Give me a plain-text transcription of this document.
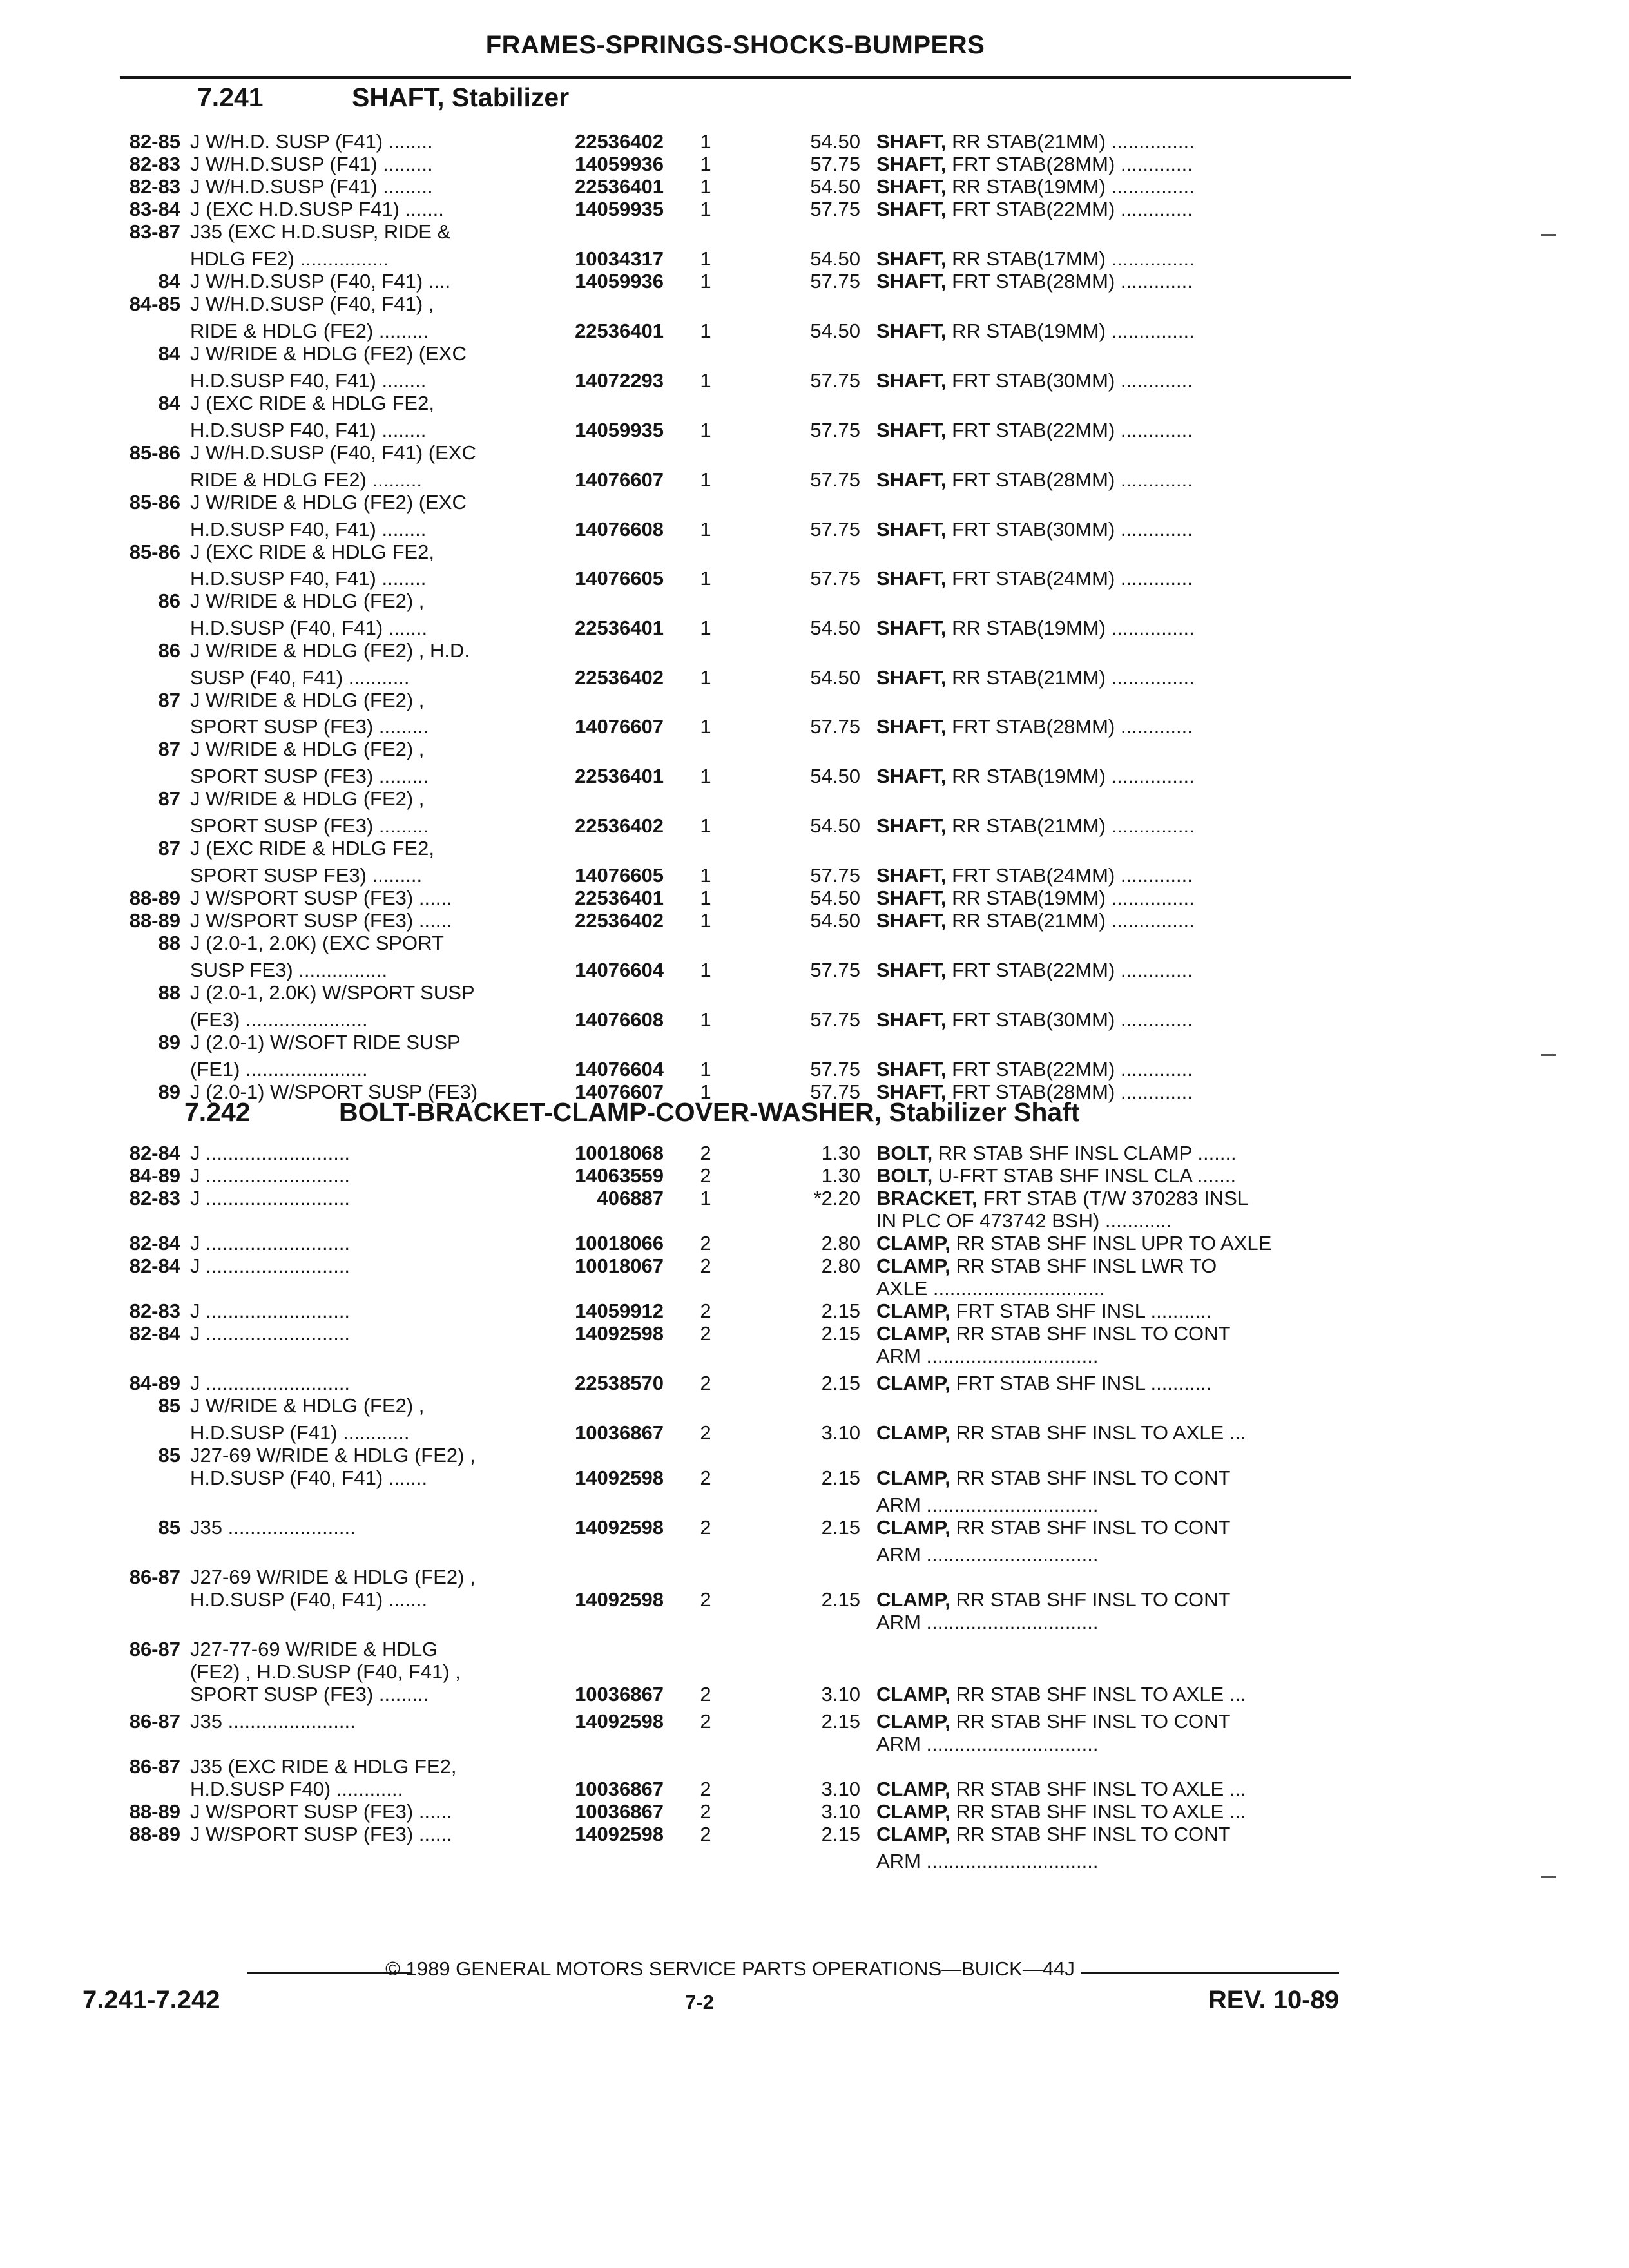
FRAMES-SPRINGS-SHOCKS-BUMPERS
7.241	SHAFT, Stabilizer
82-85 J W/H.D. SUSP (F41) ........	22536402 1	54.50 SHAFT, RR STAB(21MM) ...............
82-83 J W/H.D.SUSP (F41) .........	14059936 1	57.75 SHAFT, FRT STAB(28MM) .............
82-83 J W/H.D.SUSP (F41) .........	22536401 1	54.50 SHAFT, RR STAB(19MM) ...............
83-84 J (EXC H.D.SUSP F41) .......	14059935 1	57.75 SHAFT, FRT STAB(22MM) .............
83-87 J35 (EXC H.D.SUSP, RIDE &
HDLG FE2) ................	10034317 1	54.50 SHAFT, RR STAB(17MM) ...............
84 J W/H.D.SUSP (F40, F41) ....	14059936 1	57.75 SHAFT, FRT STAB(28MM) .............
84-85 J W/H.D.SUSP (F40, F41) ,
RIDE & HDLG (FE2) .........	22536401 1	54.50 SHAFT, RR STAB(19MM) ...............
84 J W/RIDE & HDLG (FE2) (EXC
H.D.SUSP F40, F41) ........	14072293 1	57.75 SHAFT, FRT STAB(30MM) .............
84 J (EXC RIDE & HDLG FE2,
H.D.SUSP F40, F41) ........	14059935 1	57.75 SHAFT, FRT STAB(22MM) .............
85-86 J W/H.D.SUSP (F40, F41) (EXC
RIDE & HDLG FE2) .........	14076607 1	57.75 SHAFT, FRT STAB(28MM) .............
85-86 J W/RIDE & HDLG (FE2) (EXC
H.D.SUSP F40, F41) ........	14076608 1	57.75 SHAFT, FRT STAB(30MM) .............
85-86 J (EXC RIDE & HDLG FE2,
H.D.SUSP F40, F41) ........	14076605 1	57.75 SHAFT, FRT STAB(24MM) .............
86 J W/RIDE & HDLG (FE2) ,
H.D.SUSP (F40, F41) .......	22536401 1	54.50 SHAFT, RR STAB(19MM) ...............
86 J W/RIDE & HDLG (FE2) , H.D.
SUSP (F40, F41) ...........	22536402 1	54.50 SHAFT, RR STAB(21MM) ...............
87 J W/RIDE & HDLG (FE2) ,
SPORT SUSP (FE3) .........	14076607 1	57.75 SHAFT, FRT STAB(28MM) .............
87 J W/RIDE & HDLG (FE2) ,
SPORT SUSP (FE3) .........	22536401 1	54.50 SHAFT, RR STAB(19MM) ...............
87 J W/RIDE & HDLG (FE2) ,
SPORT SUSP (FE3) .........	22536402 1	54.50 SHAFT, RR STAB(21MM) ...............
87 J (EXC RIDE & HDLG FE2,
SPORT SUSP FE3) .........	14076605 1	57.75 SHAFT, FRT STAB(24MM) .............
88-89 J W/SPORT SUSP (FE3) ......	22536401 1	54.50 SHAFT, RR STAB(19MM) ...............
88-89 J W/SPORT SUSP (FE3) ......	22536402 1	54.50 SHAFT, RR STAB(21MM) ...............
88 J (2.0-1, 2.0K) (EXC SPORT
SUSP FE3) ................	14076604 1	57.75 SHAFT, FRT STAB(22MM) .............
88 J (2.0-1, 2.0K) W/SPORT SUSP
(FE3) ......................	14076608 1	57.75 SHAFT, FRT STAB(30MM) .............
89 J (2.0-1) W/SOFT RIDE SUSP
(FE1) ......................	14076604 1	57.75 SHAFT, FRT STAB(22MM) .............
89 J (2.0-1) W/SPORT SUSP (FE3)	14076607 1	57.75 SHAFT, FRT STAB(28MM) .............
7.242	BOLT-BRACKET-CLAMP-COVER-WASHER, Stabilizer Shaft
82-84 J ..........................	10018068 2	1.30 BOLT, RR STAB SHF INSL CLAMP .......
84-89 J ..........................	14063559 2	1.30 BOLT, U-FRT STAB SHF INSL CLA .......
82-83 J ..........................	406887 1	*2.20 BRACKET, FRT STAB (T/W 370283 INSL
IN PLC OF 473742 BSH) ............
82-84 J ..........................	10018066 2	2.80 CLAMP, RR STAB SHF INSL UPR TO AXLE
82-84 J ..........................	10018067 2	2.80 CLAMP, RR STAB SHF INSL LWR TO
AXLE ...............................
82-83 J ..........................	14059912 2	2.15 CLAMP, FRT STAB SHF INSL ...........
82-84 J ..........................	14092598 2	2.15 CLAMP, RR STAB SHF INSL TO CONT
ARM ...............................
84-89 J ..........................	22538570 2	2.15 CLAMP, FRT STAB SHF INSL ...........
85 J W/RIDE & HDLG (FE2) ,
H.D.SUSP (F41) ............	10036867 2	3.10 CLAMP, RR STAB SHF INSL TO AXLE ...
85 J27-69 W/RIDE & HDLG (FE2) ,
H.D.SUSP (F40, F41) .......	14092598 2	2.15 CLAMP, RR STAB SHF INSL TO CONT
ARM ...............................
85 J35 .......................	14092598 2	2.15 CLAMP, RR STAB SHF INSL TO CONT
ARM ...............................
86-87 J27-69 W/RIDE & HDLG (FE2) ,
H.D.SUSP (F40, F41) .......	14092598 2	2.15 CLAMP, RR STAB SHF INSL TO CONT
ARM ...............................
86-87 J27-77-69 W/RIDE & HDLG
(FE2) , H.D.SUSP (F40, F41) ,
SPORT SUSP (FE3) .........	10036867 2	3.10 CLAMP, RR STAB SHF INSL TO AXLE ...
86-87 J35 .......................	14092598 2	2.15 CLAMP, RR STAB SHF INSL TO CONT
ARM ...............................
86-87 J35 (EXC RIDE & HDLG FE2,
H.D.SUSP F40) ............	10036867 2	3.10 CLAMP, RR STAB SHF INSL TO AXLE ...
88-89 J W/SPORT SUSP (FE3) ......	10036867 2	3.10 CLAMP, RR STAB SHF INSL TO AXLE ...
88-89 J W/SPORT SUSP (FE3) ......	14092598 2	2.15 CLAMP, RR STAB SHF INSL TO CONT
ARM ...............................
© 1989 GENERAL MOTORS SERVICE PARTS OPERATIONS—BUICK—44J
7.241-7.242	7-2	REV. 10-89
